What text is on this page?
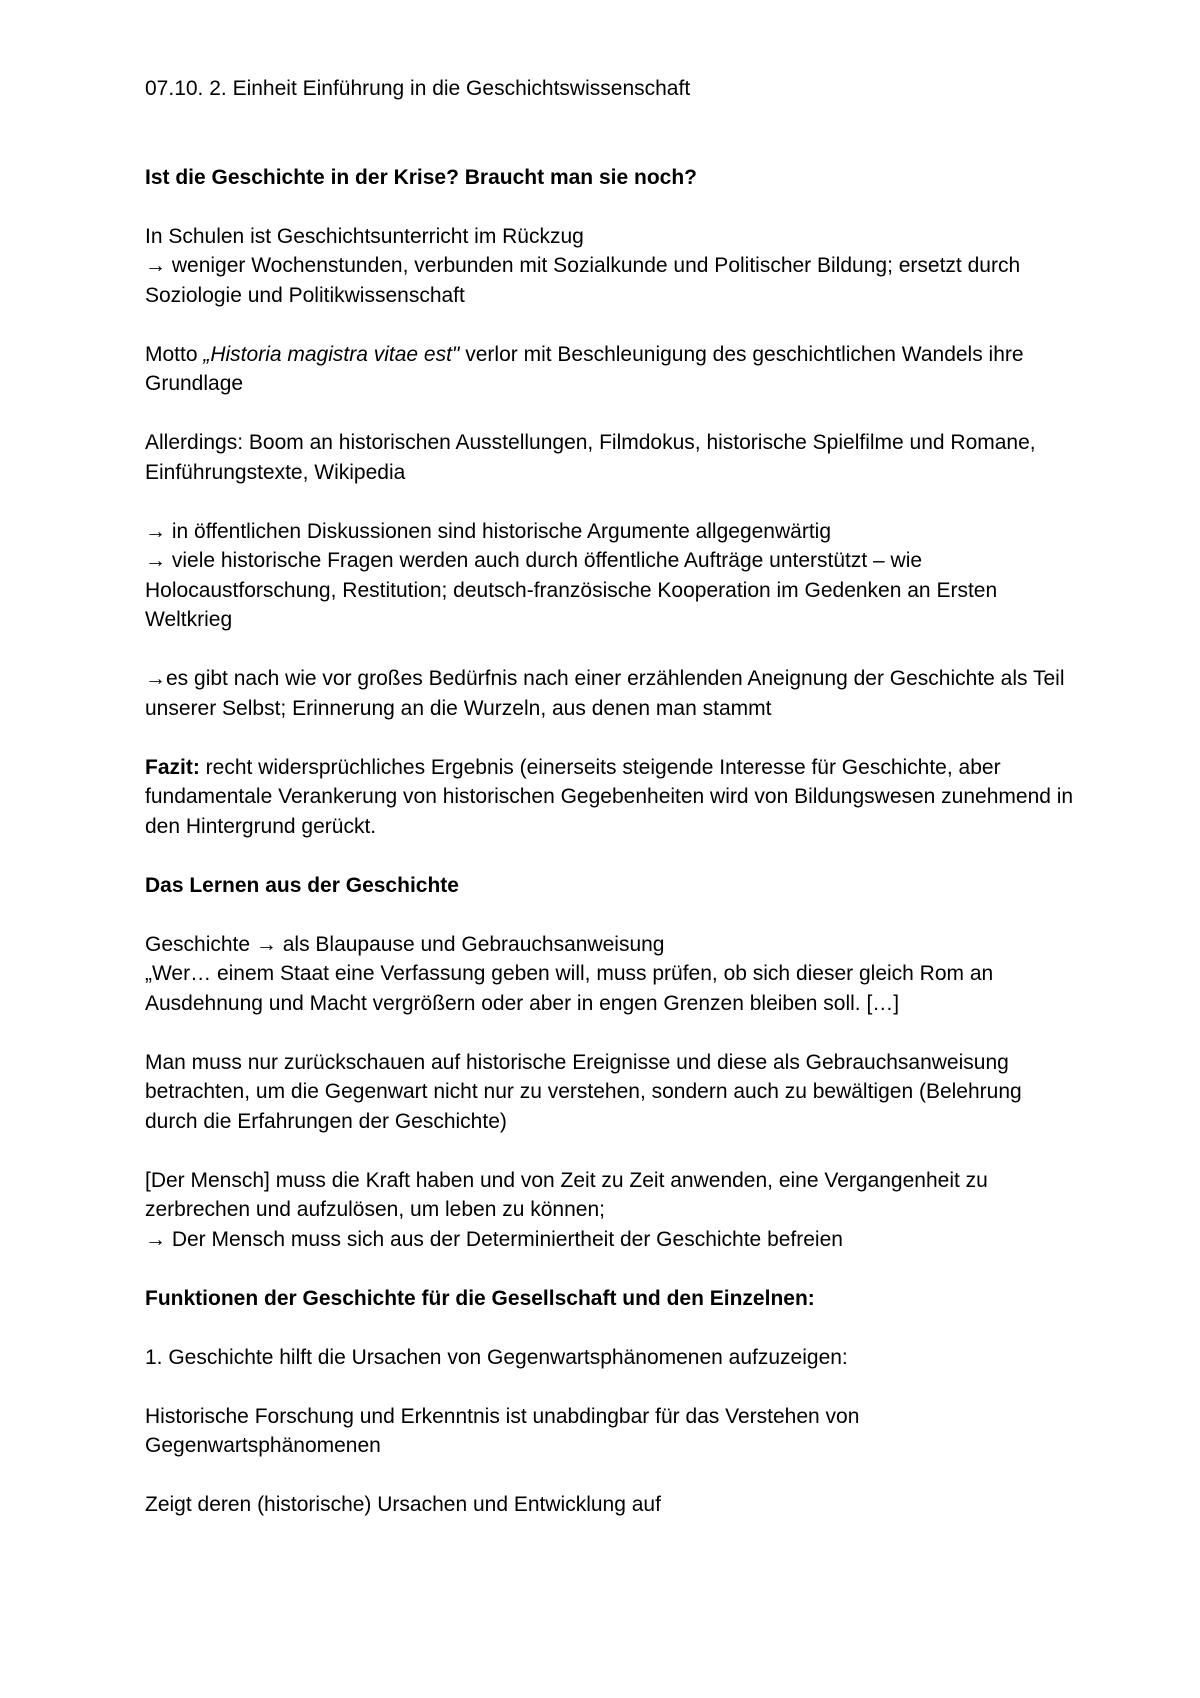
07.10. 2. Einheit Einführung in die Geschichtswissenschaft

Ist die Geschichte in der Krise? Braucht man sie noch?

In Schulen ist Geschichtsunterricht im Rückzug

→ weniger Wochenstunden, verbunden mit Sozialkunde und Politischer Bildung; ersetzt durch Soziologie und Politikwissenschaft

Motto „Historia magistra vitae est" verlor mit Beschleunigung des geschichtlichen Wandels ihre Grundlage

Allerdings: Boom an historischen Ausstellungen, Filmdokus, historische Spielfilme und Romane, Einführungstexte, Wikipedia

→ in öffentlichen Diskussionen sind historische Argumente allgegenwärtig

→ viele historische Fragen werden auch durch öffentliche Aufträge unterstützt – wie Holocaustforschung, Restitution; deutsch-französische Kooperation im Gedenken an Ersten Weltkrieg

→es gibt nach wie vor großes Bedürfnis nach einer erzählenden Aneignung der Geschichte als Teil unserer Selbst; Erinnerung an die Wurzeln, aus denen man stammt

Fazit: recht widersprüchliches Ergebnis (einerseits steigende Interesse für Geschichte, aber fundamentale Verankerung von historischen Gegebenheiten wird von Bildungswesen zunehmend in den Hintergrund gerückt.

Das Lernen aus der Geschichte

Geschichte → als Blaupause und Gebrauchsanweisung

„Wer… einem Staat eine Verfassung geben will, muss prüfen, ob sich dieser gleich Rom an Ausdehnung und Macht vergrößern oder aber in engen Grenzen bleiben soll. […]

Man muss nur zurückschauen auf historische Ereignisse und diese als Gebrauchsanweisung betrachten, um die Gegenwart nicht nur zu verstehen, sondern auch zu bewältigen (Belehrung durch die Erfahrungen der Geschichte)

[Der Mensch] muss die Kraft haben und von Zeit zu Zeit anwenden, eine Vergangenheit zu zerbrechen und aufzulösen, um leben zu können;

→ Der Mensch muss sich aus der Determiniertheit der Geschichte befreien

Funktionen der Geschichte für die Gesellschaft und den Einzelnen:

1. Geschichte hilft die Ursachen von Gegenwartsphänomenen aufzuzeigen:

Historische Forschung und Erkenntnis ist unabdingbar für das Verstehen von Gegenwartsphänomenen

Zeigt deren (historische) Ursachen und Entwicklung auf
